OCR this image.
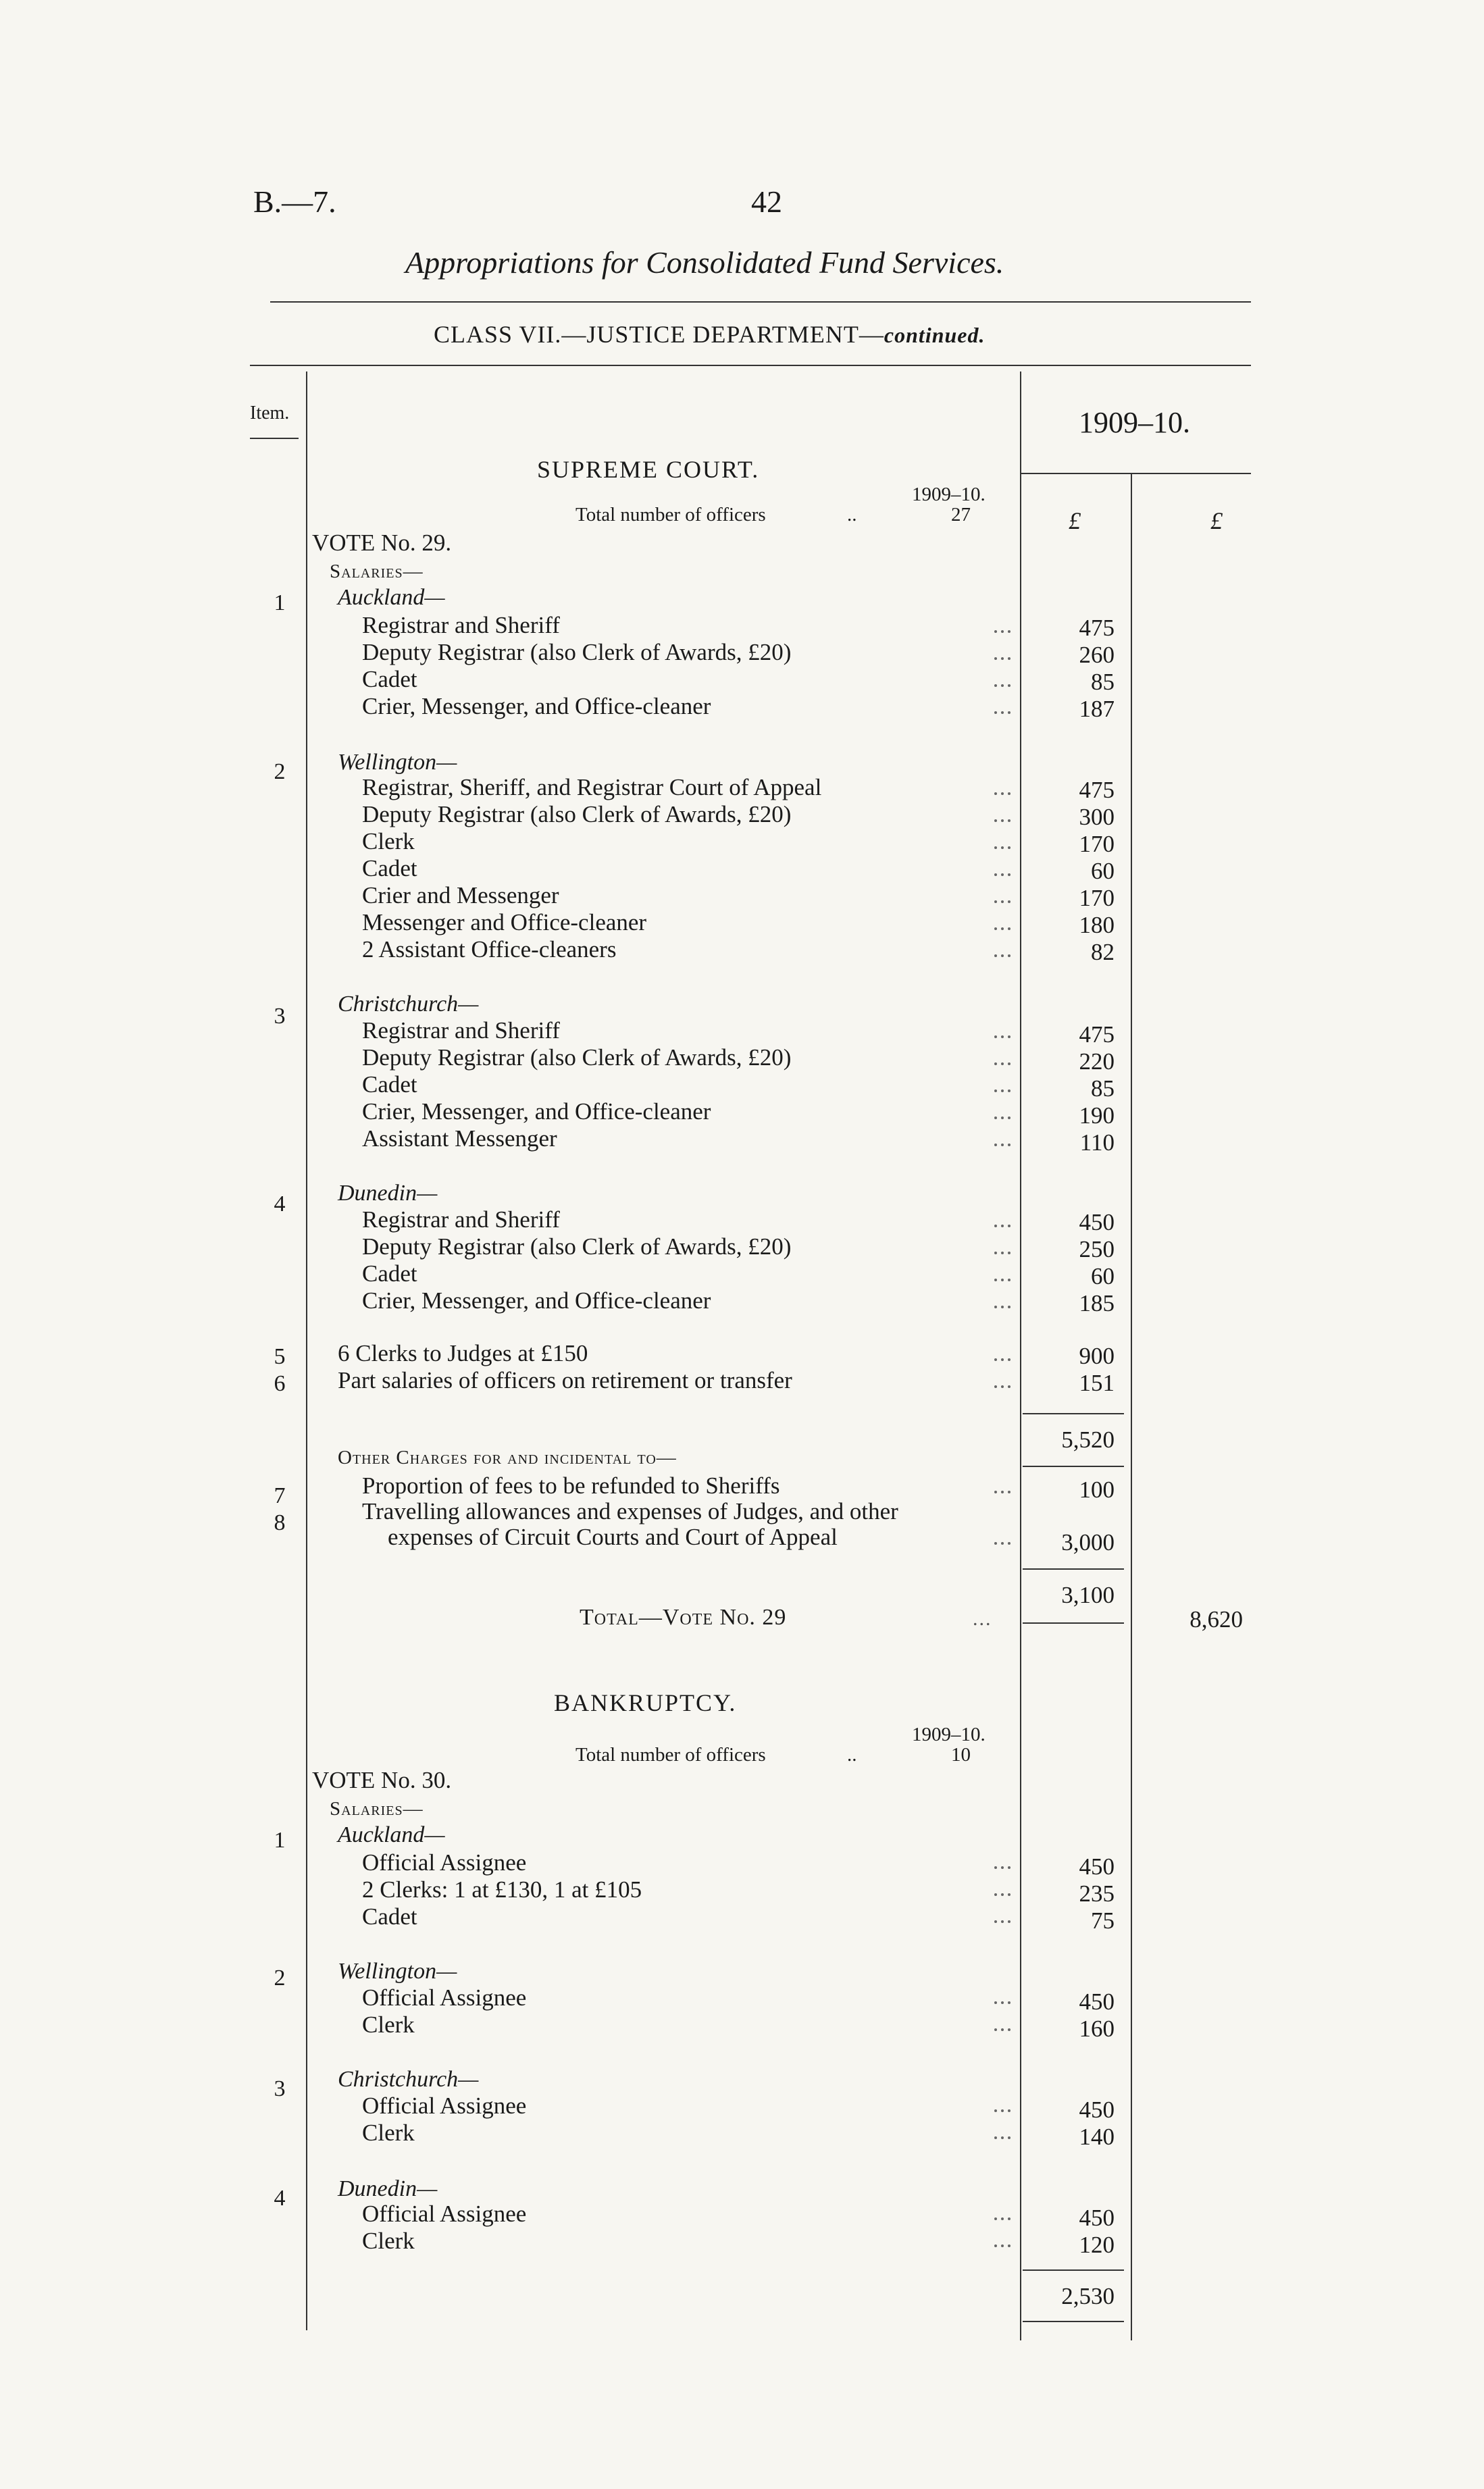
B.—7.	42
Appropriations for Consolidated Fund Services.
CLASS VII.—JUSTICE DEPARTMENT—continued.
Item.	1909–10.
£	£
SUPREME COURT.
1909–10.
Total number of officers	..	27
VOTE No. 29.
Salaries—
1	Auckland—
Registrar and Sheriff	475
Deputy Registrar (also Clerk of Awards, £20)	260
Cadet	85
Crier, Messenger, and Office-cleaner	187
2	Wellington—
Registrar, Sheriff, and Registrar Court of Appeal	475
Deputy Registrar (also Clerk of Awards, £20)	300
Clerk	170
Cadet	60
Crier and Messenger	170
Messenger and Office-cleaner	180
2 Assistant Office-cleaners	82
3	Christchurch—
Registrar and Sheriff	475
Deputy Registrar (also Clerk of Awards, £20)	220
Cadet	85
Crier, Messenger, and Office-cleaner	190
Assistant Messenger	110
4	Dunedin—
Registrar and Sheriff	450
Deputy Registrar (also Clerk of Awards, £20)	250
Cadet	60
Crier, Messenger, and Office-cleaner	185
5	6 Clerks to Judges at £150	900
6	Part salaries of officers on retirement or transfer	151
5,520
Other Charges for and incidental to—
7	Proportion of fees to be refunded to Sheriffs	100
8	Travelling allowances and expenses of Judges, and other
expenses of Circuit Courts and Court of Appeal	3,000
3,100
Total—Vote No. 29	...	8,620
BANKRUPTCY.
1909–10.
Total number of officers	..	10
VOTE No. 30.
Salaries—
1	Auckland—
Official Assignee	450
2 Clerks: 1 at £130, 1 at £105	235
Cadet	75
2	Wellington—
Official Assignee	450
Clerk	160
3	Christchurch—
Official Assignee	450
Clerk	140
4	Dunedin—
Official Assignee	450
Clerk	120
2,530
